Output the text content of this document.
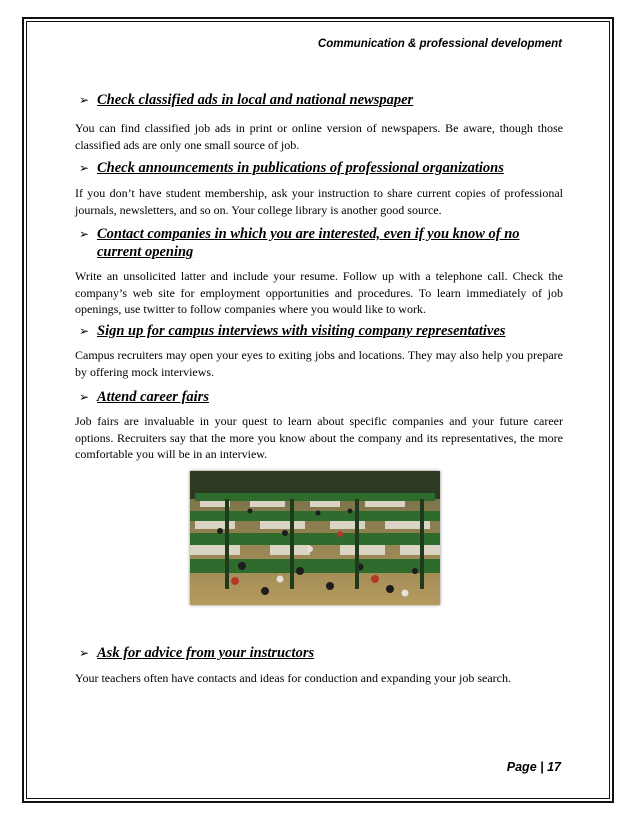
Communication & professional development
➢ Check classified ads in local and national newspaper
You can find classified job ads in print or online version of newspapers. Be aware, though those classified ads are only one small source of job.
➢ Check announcements in publications of professional organizations
If you don’t have student membership, ask your instruction to share current copies of professional journals, newsletters, and so on. Your college library is another good source.
➢ Contact companies in which you are interested, even if you know of no current opening
Write an unsolicited latter and include your resume. Follow up with a telephone call. Check the company’s web site for employment opportunities and procedures. To learn immediately of job openings, use twitter to follow companies where you would like to work.
➢ Sign up for campus interviews with visiting company representatives
Campus recruiters may open your eyes to exiting jobs and locations. They may also help you prepare by offering mock interviews.
➢ Attend career fairs
Job fairs are invaluable in your quest to learn about specific companies and your future career options. Recruiters say that the more you know about the company and its representatives, the more comfortable you will be in an interview.
➢ Ask for advice from your instructors
Your teachers often have contacts and ideas for conduction and expanding your job search.
Page | 17
